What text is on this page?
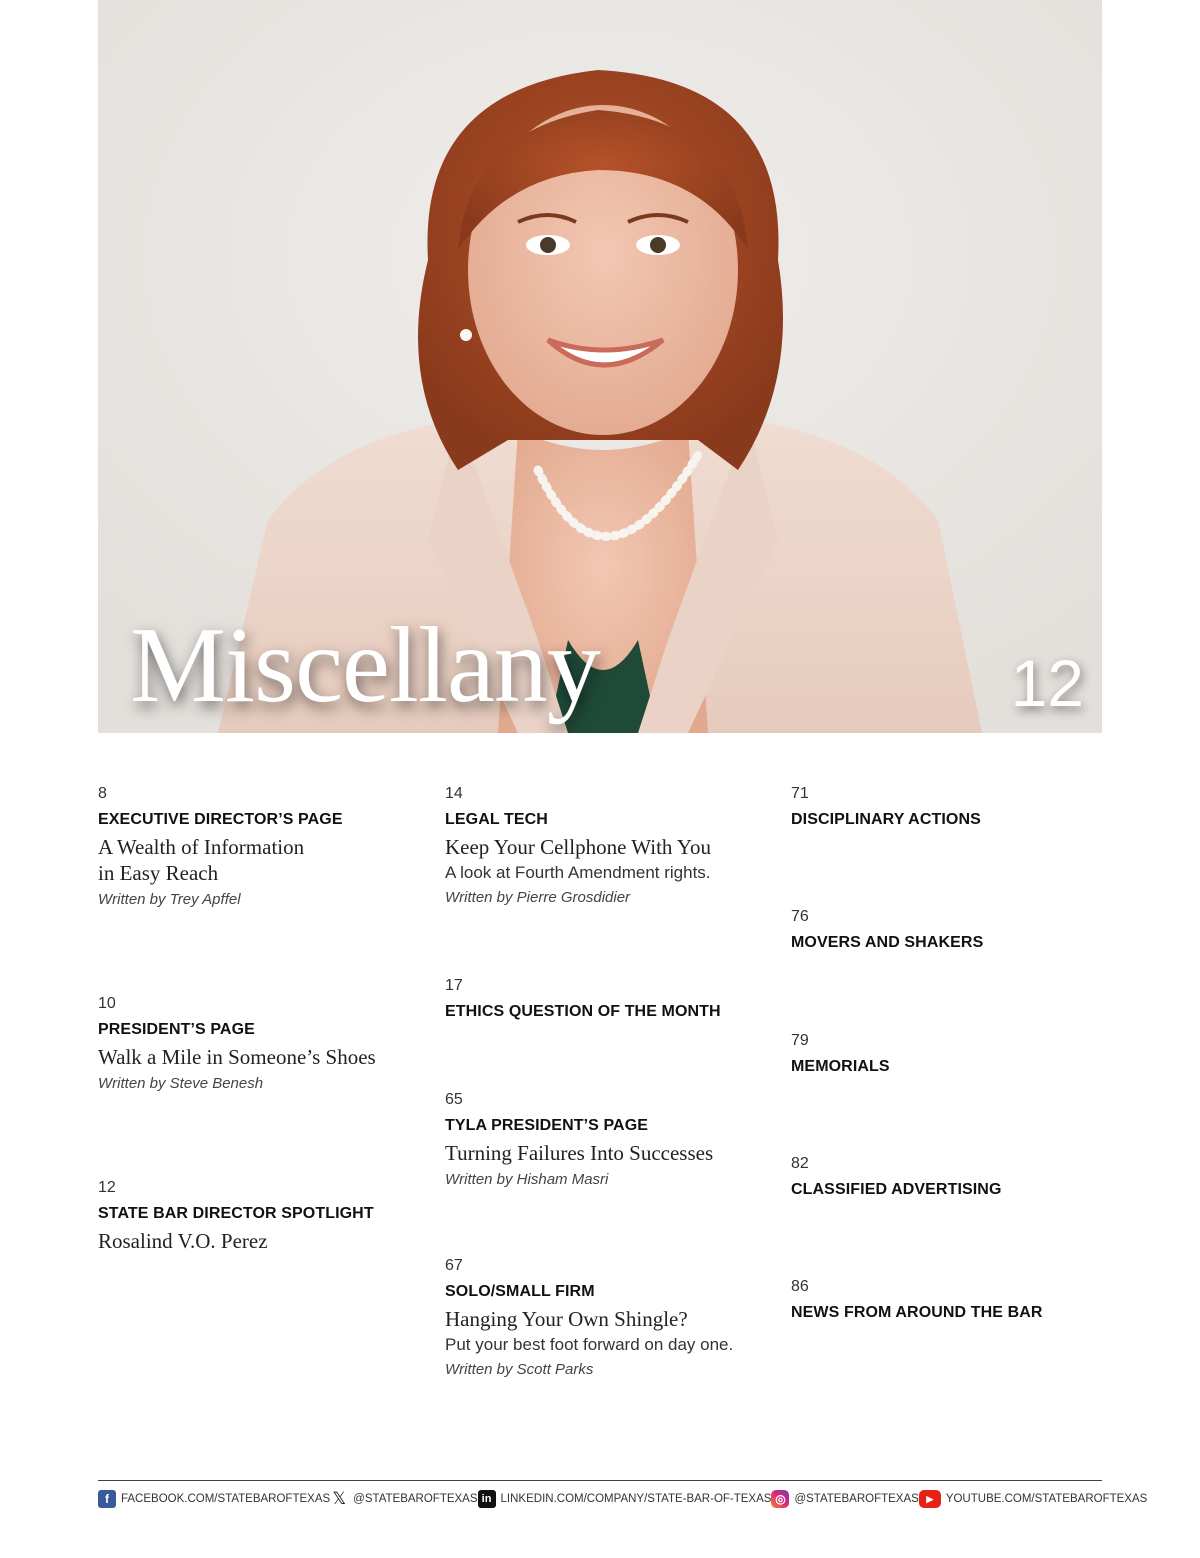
Miscellany	12
8
EXECUTIVE DIRECTOR’S PAGE
A Wealth of Information
in Easy Reach
Written by Trey Apffel
10
PRESIDENT’S PAGE
Walk a Mile in Someone’s Shoes
Written by Steve Benesh
12
STATE BAR DIRECTOR SPOTLIGHT
Rosalind V.O. Perez
14
LEGAL TECH
Keep Your Cellphone With You
A look at Fourth Amendment rights.
Written by Pierre Grosdidier
17
ETHICS QUESTION OF THE MONTH
65
TYLA PRESIDENT’S PAGE
Turning Failures Into Successes
Written by Hisham Masri
67
SOLO/SMALL FIRM
Hanging Your Own Shingle?
Put your best foot forward on day one.
Written by Scott Parks
71
DISCIPLINARY ACTIONS
76
MOVERS AND SHAKERS
79
MEMORIALS
82
CLASSIFIED ADVERTISING
86
NEWS FROM AROUND THE BAR
f	FACEBOOK.COM/STATEBAROFTEXAS 𝕏 @STATEBAROFTEXAS in LINKEDIN.COM/COMPANY/STATE-BAR-OF-TEXAS ◎ @STATEBAROFTEXAS ▶	YOUTUBE.COM/STATEBAROFTEXAS
